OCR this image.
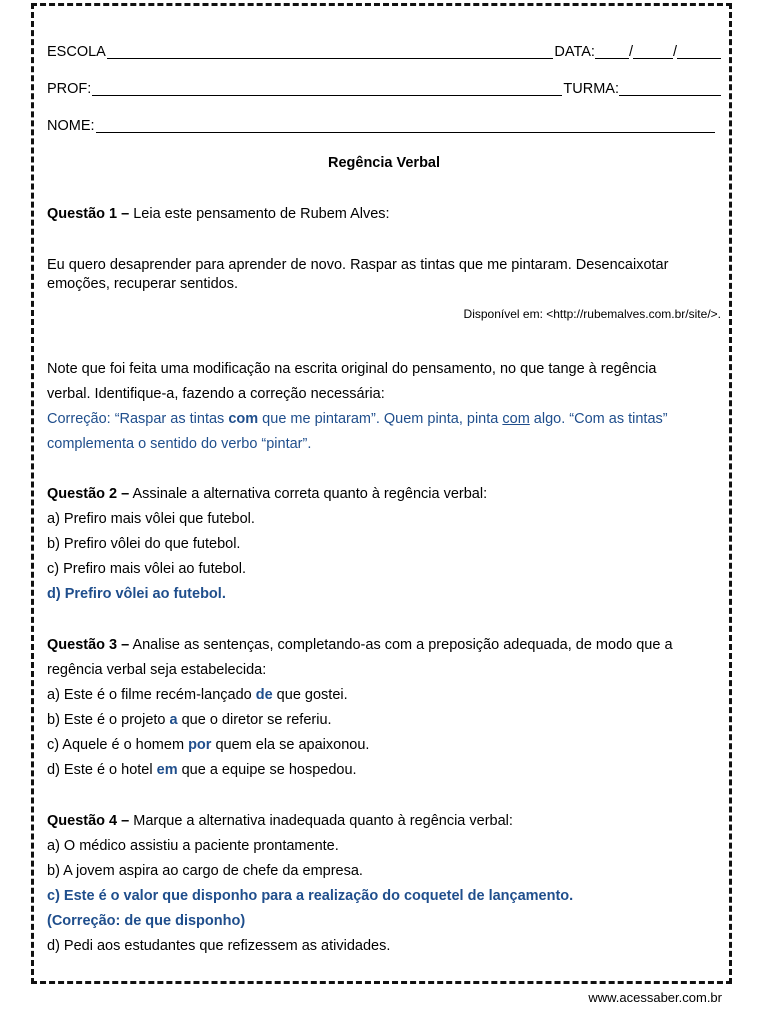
ESCOLA	DATA: /	/
PROF:	TURMA:
NOME:
Regência Verbal
Questão 1 – Leia este pensamento de Rubem Alves:
Eu quero desaprender para aprender de novo. Raspar as tintas que me pintaram. Desencaixotar
emoções, recuperar sentidos.
Disponível em: <http://rubemalves.com.br/site/>.
Note que foi feita uma modificação na escrita original do pensamento, no que tange à regência
verbal. Identifique-a, fazendo a correção necessária:
Correção: “Raspar as tintas com que me pintaram”. Quem pinta, pinta com algo. “Com as tintas”
complementa o sentido do verbo “pintar”.
Questão 2 – Assinale a alternativa correta quanto à regência verbal:
a) Prefiro mais vôlei que futebol.
b) Prefiro vôlei do que futebol.
c) Prefiro mais vôlei ao futebol.
d) Prefiro vôlei ao futebol.
Questão 3 – Analise as sentenças, completando-as com a preposição adequada, de modo que a
regência verbal seja estabelecida:
a) Este é o filme recém-lançado de que gostei.
b) Este é o projeto a que o diretor se referiu.
c) Aquele é o homem por quem ela se apaixonou.
d) Este é o hotel em que a equipe se hospedou.
Questão 4 – Marque a alternativa inadequada quanto à regência verbal:
a) O médico assistiu a paciente prontamente.
b) A jovem aspira ao cargo de chefe da empresa.
c) Este é o valor que disponho para a realização do coquetel de lançamento.
(Correção: de que disponho)
d) Pedi aos estudantes que refizessem as atividades.
www.acessaber.com.br
